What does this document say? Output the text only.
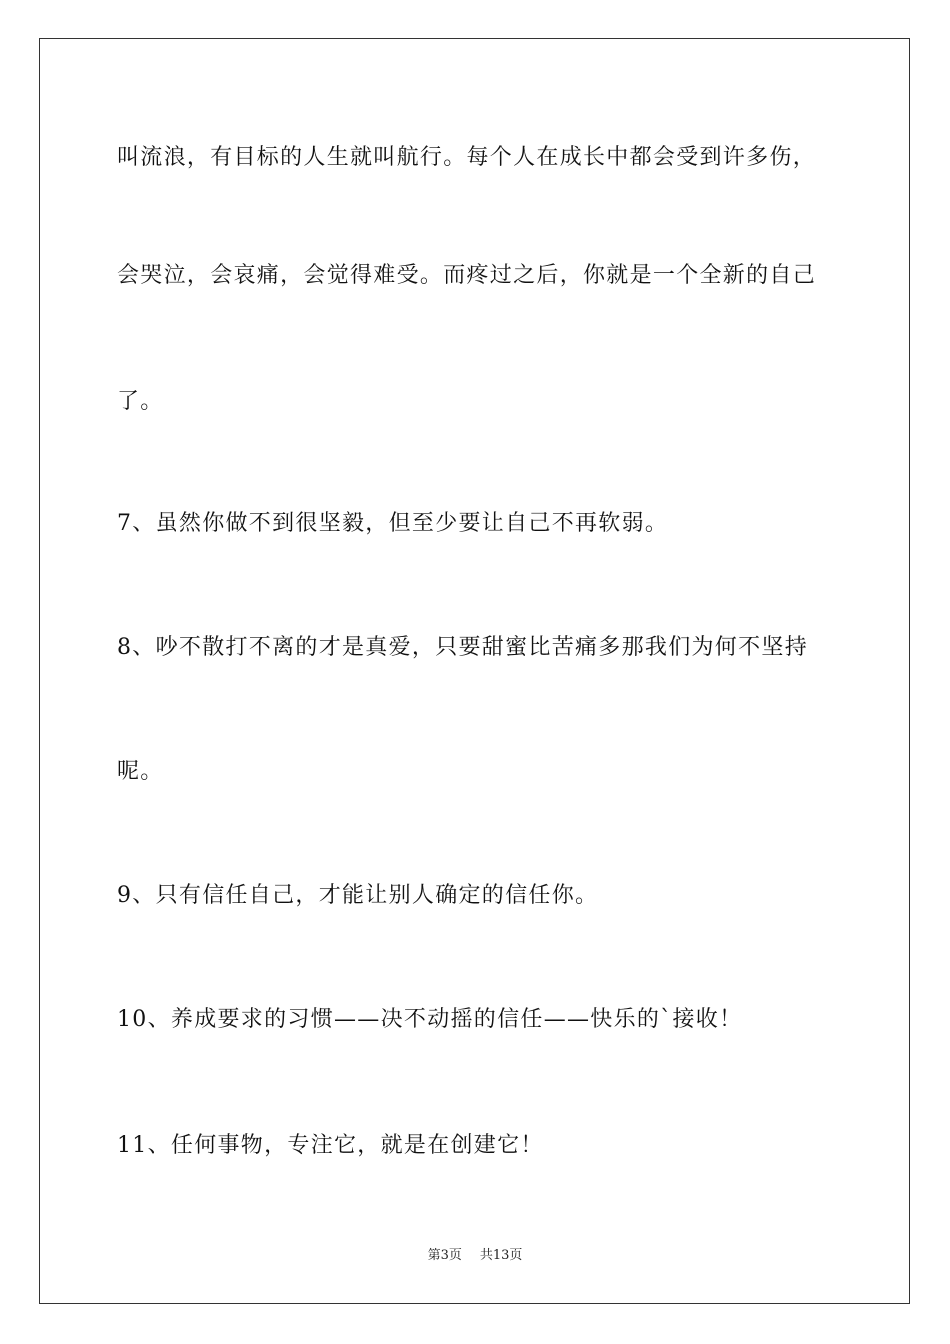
叫流浪，有目标的人生就叫航行。每个人在成长中都会受到许多伤，
会哭泣，会哀痛，会觉得难受。而疼过之后，你就是一个全新的自己
了。
7、虽然你做不到很坚毅，但至少要让自己不再软弱。
8、吵不散打不离的才是真爱，只要甜蜜比苦痛多那我们为何不坚持
呢。
9、只有信任自己，才能让别人确定的信任你。
10、养成要求的习惯——决不动摇的信任——快乐的`接收！
11、任何事物，专注它，就是在创建它！
第3页 共13页
